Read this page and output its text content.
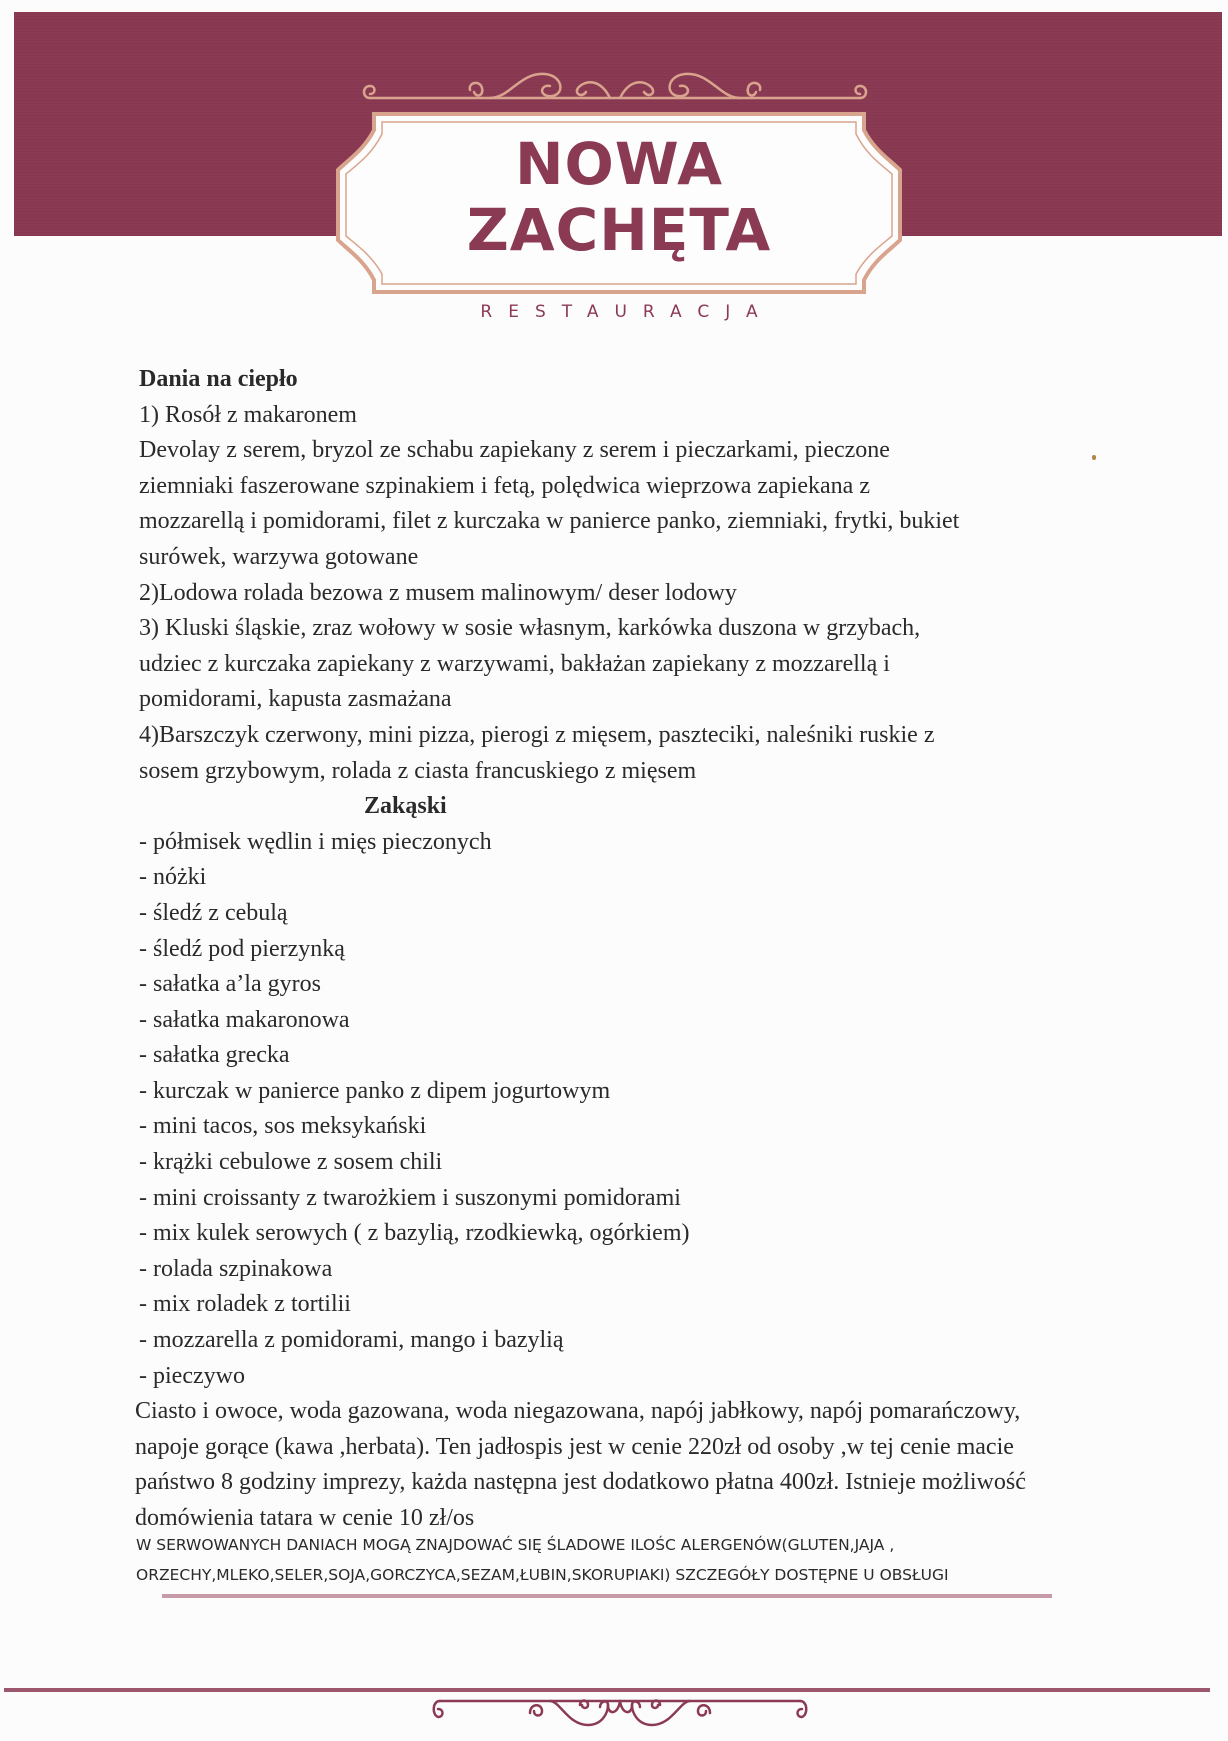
NOWA
ZACHĘTA
RESTAURACJA

Dania na ciepło

1) Rosół z makaronem

Devolay z serem, bryzol ze schabu zapiekany z serem i pieczarkami, pieczone

ziemniaki faszerowane szpinakiem i fetą, polędwica wieprzowa zapiekana z

mozzarellą i pomidorami, filet z kurczaka w panierce panko, ziemniaki, frytki, bukiet

surówek, warzywa gotowane

2)Lodowa rolada bezowa z musem malinowym/ deser lodowy

3) Kluski śląskie, zraz wołowy w sosie własnym, karkówka duszona w grzybach,

udziec z kurczaka zapiekany z warzywami, bakłażan zapiekany z mozzarellą i

pomidorami, kapusta zasmażana

4)Barszczyk czerwony, mini pizza, pierogi z mięsem, paszteciki, naleśniki ruskie z

sosem grzybowym, rolada z ciasta francuskiego z mięsem

Zakąski

- półmisek wędlin i mięs pieczonych

- nóżki

- śledź z cebulą

- śledź pod pierzynką

- sałatka a’la gyros

- sałatka makaronowa

- sałatka grecka

- kurczak w panierce panko z dipem jogurtowym

- mini tacos, sos meksykański

- krążki cebulowe z sosem chili

- mini croissanty z twarożkiem i suszonymi pomidorami

- mix kulek serowych ( z bazylią, rzodkiewką, ogórkiem)

- rolada szpinakowa

- mix roladek z tortilii

- mozzarella z pomidorami, mango i bazylią

- pieczywo

Ciasto i owoce, woda gazowana, woda niegazowana, napój jabłkowy, napój pomarańczowy,

napoje gorące (kawa ,herbata). Ten jadłospis jest w cenie 220zł od osoby ,w tej cenie macie

państwo 8 godziny imprezy, każda następna jest dodatkowo płatna 400zł. Istnieje możliwość

domówienia tatara w cenie 10 zł/os

W SERWOWANYCH DANIACH MOGĄ ZNAJDOWAĆ SIĘ ŚLADOWE ILOŚC ALERGENÓW(GLUTEN,JAJA ,
ORZECHY,MLEKO,SELER,SOJA,GORCZYCA,SEZAM,ŁUBIN,SKORUPIAKI) SZCZEGÓŁY DOSTĘPNE U OBSŁUGI
